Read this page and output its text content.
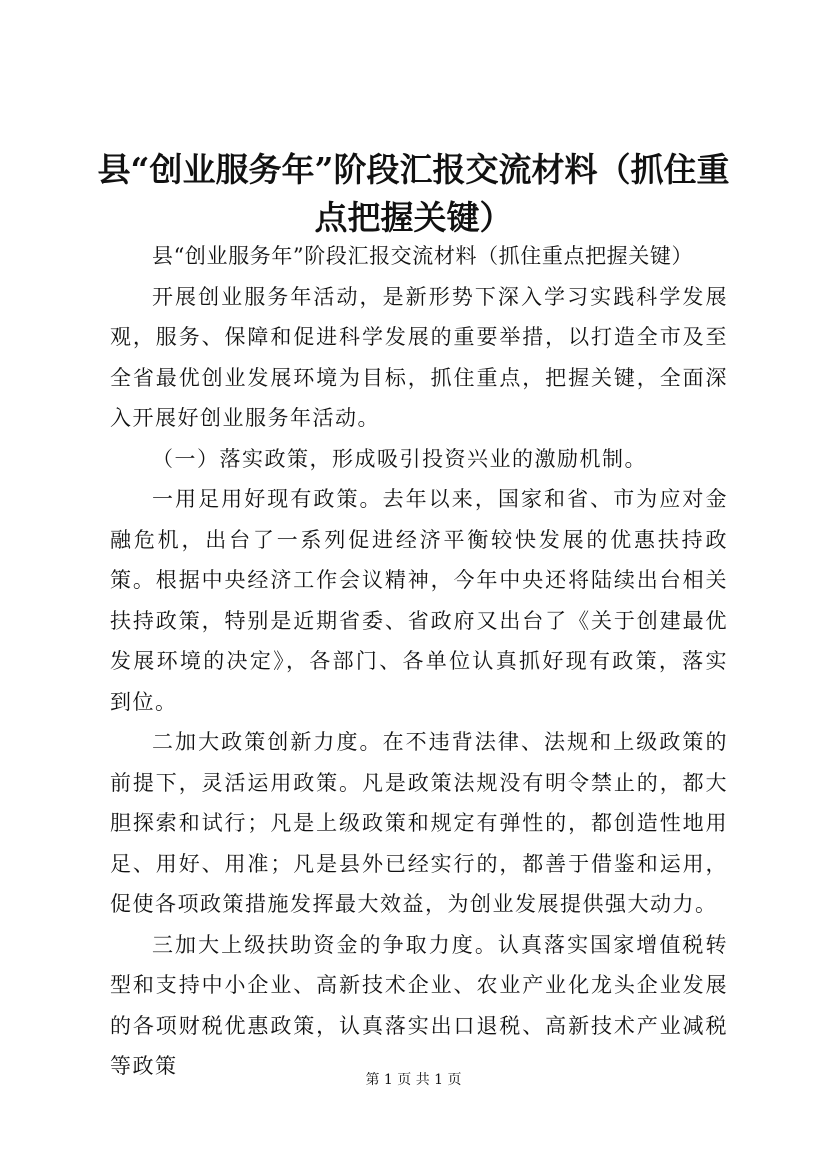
县“创业服务年”阶段汇报交流材料（抓住重点把握关键）

县“创业服务年”阶段汇报交流材料（抓住重点把握关键）

开展创业服务年活动，是新形势下深入学习实践科学发展观，服务、保障和促进科学发展的重要举措，以打造全市及至全省最优创业发展环境为目标，抓住重点，把握关键，全面深入开展好创业服务年活动。

（一）落实政策，形成吸引投资兴业的激励机制。

一用足用好现有政策。去年以来，国家和省、市为应对金融危机，出台了一系列促进经济平衡较快发展的优惠扶持政策。根据中央经济工作会议精神，今年中央还将陆续出台相关扶持政策，特别是近期省委、省政府又出台了《关于创建最优发展环境的决定》，各部门、各单位认真抓好现有政策，落实到位。

二加大政策创新力度。在不违背法律、法规和上级政策的前提下，灵活运用政策。凡是政策法规没有明令禁止的，都大胆探索和试行；凡是上级政策和规定有弹性的，都创造性地用足、用好、用准；凡是县外已经实行的，都善于借鉴和运用，促使各项政策措施发挥最大效益，为创业发展提供强大动力。

三加大上级扶助资金的争取力度。认真落实国家增值税转型和支持中小企业、高新技术企业、农业产业化龙头企业发展的各项财税优惠政策，认真落实出口退税、高新技术产业减税等政策

第 1 页 共 1 页
